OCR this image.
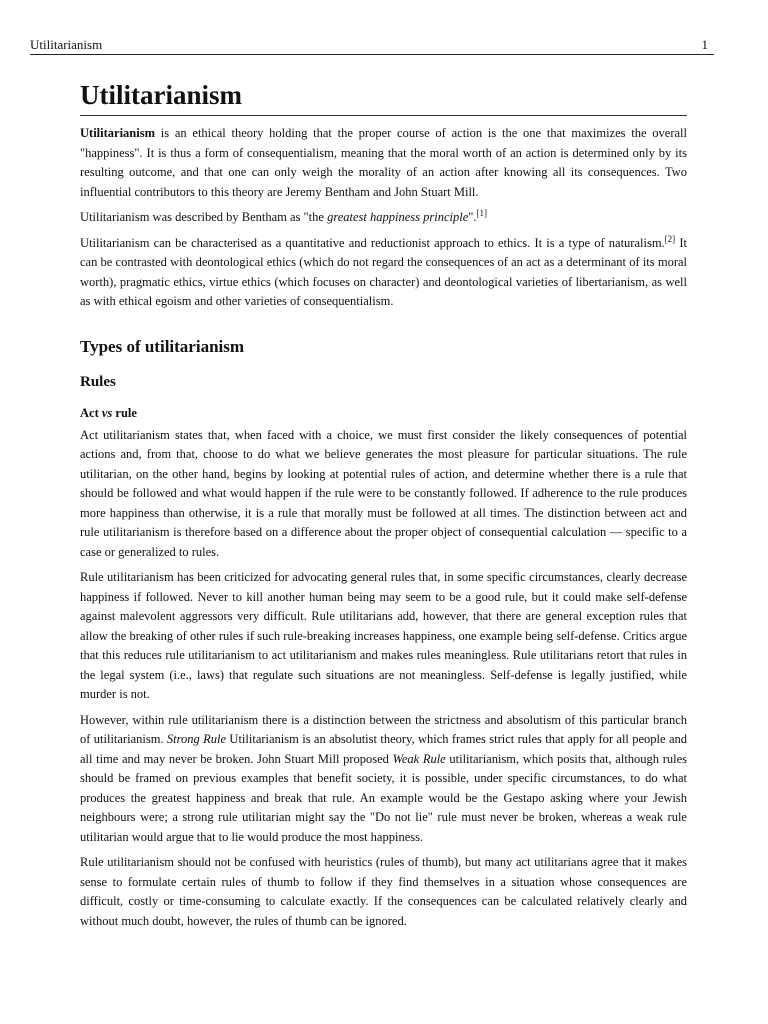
Utilitarianism	1
Utilitarianism

Utilitarianism is an ethical theory holding that the proper course of action is the one that maximizes the overall "happiness". It is thus a form of consequentialism, meaning that the moral worth of an action is determined only by its resulting outcome, and that one can only weigh the morality of an action after knowing all its consequences. Two influential contributors to this theory are Jeremy Bentham and John Stuart Mill.

Utilitarianism was described by Bentham as "the greatest happiness principle".[1]

Utilitarianism can be characterised as a quantitative and reductionist approach to ethics. It is a type of naturalism.[2] It can be contrasted with deontological ethics (which do not regard the consequences of an act as a determinant of its moral worth), pragmatic ethics, virtue ethics (which focuses on character) and deontological varieties of libertarianism, as well as with ethical egoism and other varieties of consequentialism.

Types of utilitarianism
Rules
Act vs rule

Act utilitarianism states that, when faced with a choice, we must first consider the likely consequences of potential actions and, from that, choose to do what we believe generates the most pleasure for particular situations. The rule utilitarian, on the other hand, begins by looking at potential rules of action, and determine whether there is a rule that should be followed and what would happen if the rule were to be constantly followed. If adherence to the rule produces more happiness than otherwise, it is a rule that morally must be followed at all times. The distinction between act and rule utilitarianism is therefore based on a difference about the proper object of consequential calculation — specific to a case or generalized to rules.

Rule utilitarianism has been criticized for advocating general rules that, in some specific circumstances, clearly decrease happiness if followed. Never to kill another human being may seem to be a good rule, but it could make self-defense against malevolent aggressors very difficult. Rule utilitarians add, however, that there are general exception rules that allow the breaking of other rules if such rule-breaking increases happiness, one example being self-defense. Critics argue that this reduces rule utilitarianism to act utilitarianism and makes rules meaningless. Rule utilitarians retort that rules in the legal system (i.e., laws) that regulate such situations are not meaningless. Self-defense is legally justified, while murder is not.

However, within rule utilitarianism there is a distinction between the strictness and absolutism of this particular branch of utilitarianism. Strong Rule Utilitarianism is an absolutist theory, which frames strict rules that apply for all people and all time and may never be broken. John Stuart Mill proposed Weak Rule utilitarianism, which posits that, although rules should be framed on previous examples that benefit society, it is possible, under specific circumstances, to do what produces the greatest happiness and break that rule. An example would be the Gestapo asking where your Jewish neighbours were; a strong rule utilitarian might say the "Do not lie" rule must never be broken, whereas a weak rule utilitarian would argue that to lie would produce the most happiness.

Rule utilitarianism should not be confused with heuristics (rules of thumb), but many act utilitarians agree that it makes sense to formulate certain rules of thumb to follow if they find themselves in a situation whose consequences are difficult, costly or time-consuming to calculate exactly. If the consequences can be calculated relatively clearly and without much doubt, however, the rules of thumb can be ignored.
